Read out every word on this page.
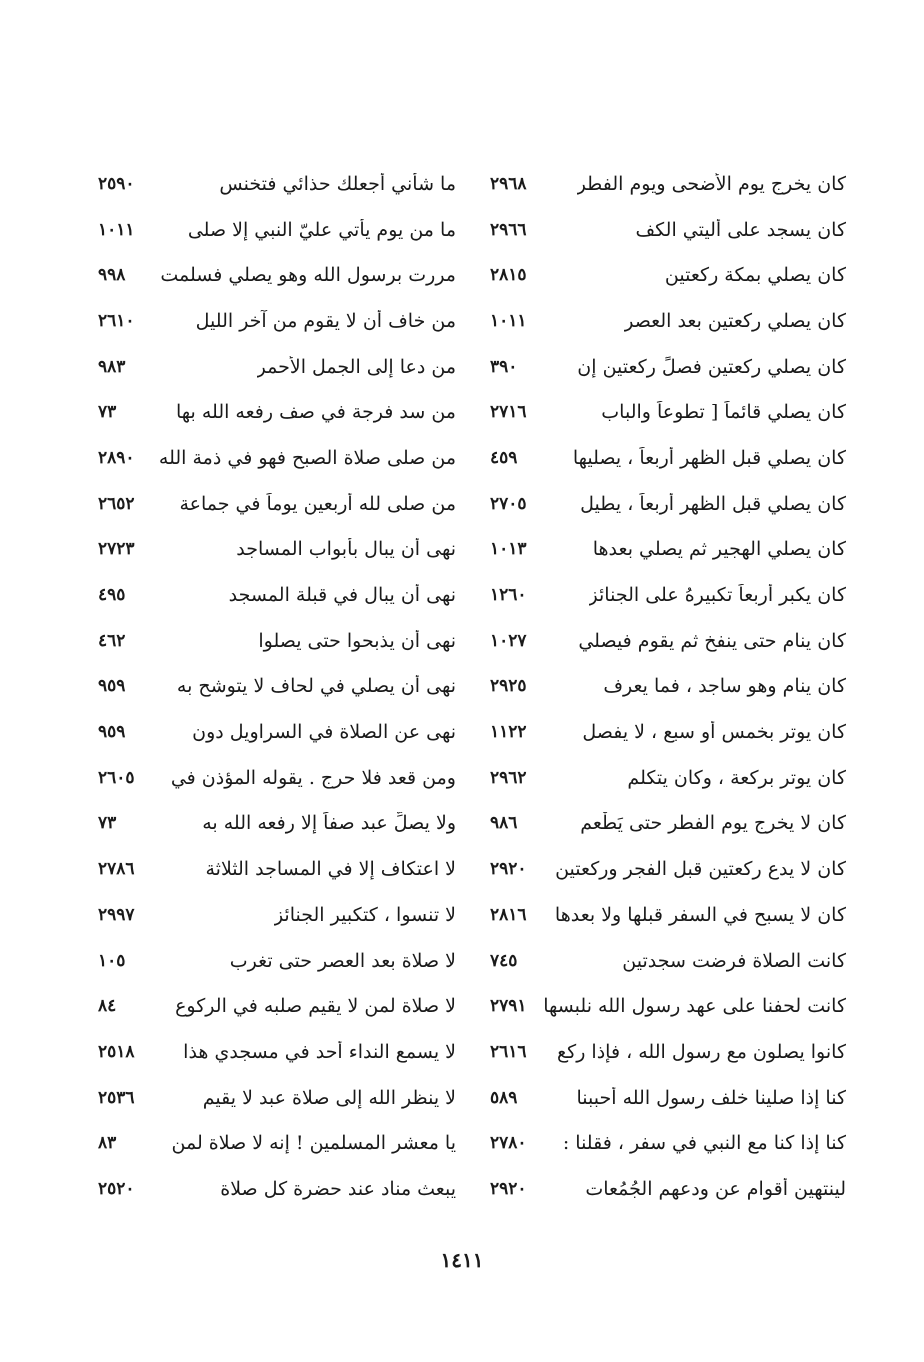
كان يخرج يوم الأضحى ويوم الفطر
٢٩٦٨
كان يسجد على أليتي الكف
٢٩٦٦
كان يصلي بمكة ركعتين
٢٨١٥
كان يصلي ركعتين بعد العصر
١٠١١
كان يصلي ركعتين فصلٍّ ركعتين إن
٣٩٠
كان يصلي قائماً [ تطوعاً والباب
٢٧١٦
كان يصلي قبل الظهر أربعاً ، يصليها
٤٥٩
كان يصلي قبل الظهر أربعاً ، يطيل
٢٧٠٥
كان يصلي الهجير ثم يصلي بعدها
١٠١٣
كان يكبر أربعاً تكبيرهُ على الجنائز
١٢٦٠
كان ينام حتى ينفخ ثم يقوم فيصلي
١٠٢٧
كان ينام وهو ساجد ، فما يعرف
٢٩٢٥
كان يوتر بخمس أو سبع ، لا يفصل
١١٢٢
كان يوتر بركعة ، وكان يتكلم
٢٩٦٢
كان لا يخرج يوم الفطر حتى يَطْعم
٩٨٦
كان لا يدع ركعتين قبل الفجر وركعتين
٢٩٢٠
كان لا يسبح في السفر قبلها ولا بعدها
٢٨١٦
كانت الصلاة فرضت سجدتين
٧٤٥
كانت لحفنا على عهد رسول الله نلبسها
٢٧٩١
كانوا يصلون مع رسول الله ، فإذا ركع
٢٦١٦
كنا إذا صلينا خلف رسول الله أحببنا
٥٨٩
كنا إذا كنا مع النبي في سفر ، فقلنا :
٢٧٨٠
لينتهين أقوام عن ودعهم الجُمُعات
٢٩٢٠
ما شأني أجعلك حذائي فتخنس
٢٥٩٠
ما من يوم يأتي عليّ النبي إلا صلى
١٠١١
مررت برسول الله وهو يصلي فسلمت
٩٩٨
من خاف أن لا يقوم من آخر الليل
٢٦١٠
من دعا إلى الجمل الأحمر
٩٨٣
من سد فرجة في صف رفعه الله بها
٧٣
من صلى صلاة الصبح فهو في ذمة الله
٢٨٩٠
من صلى لله أربعين يوماً في جماعة
٢٦٥٢
نهى أن يبال بأبواب المساجد
٢٧٢٣
نهى أن يبال في قبلة المسجد
٤٩٥
نهى أن يذبحوا حتى يصلوا
٤٦٢
نهى أن يصلي في لحاف لا يتوشح به
٩٥٩
نهى عن الصلاة في السراويل دون
٩٥٩
ومن قعد فلا حرج . يقوله المؤذن في
٢٦٠٥
ولا يصلِّ عبد صفاً إلا رفعه الله به
٧٣
لا اعتكاف إلا في المساجد الثلاثة
٢٧٨٦
لا تنسوا ، كتكبير الجنائز
٢٩٩٧
لا صلاة بعد العصر حتى تغرب
١٠٥
لا صلاة لمن لا يقيم صلبه في الركوع
٨٤
لا يسمع النداء أحد في مسجدي هذا
٢٥١٨
لا ينظر الله إلى صلاة عبد لا يقيم
٢٥٣٦
يا معشر المسلمين ! إنه لا صلاة لمن
٨٣
يبعث مناد عند حضرة كل صلاة
٢٥٢٠
١٤١١
